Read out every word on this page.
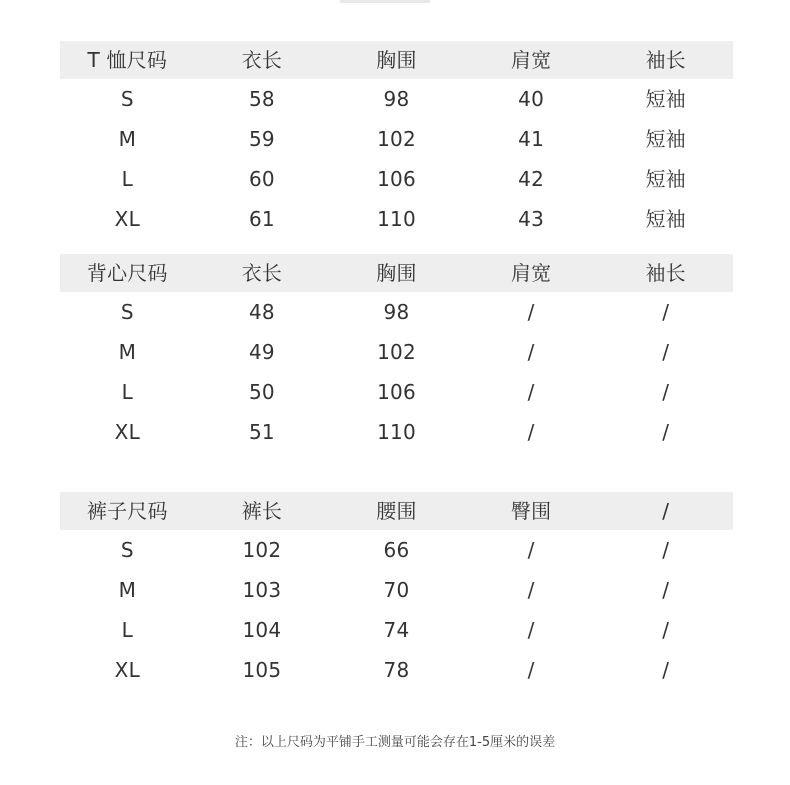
T 恤尺码	衣长	胸围	肩宽	袖长
S	58	98	40	短袖
M	59	102	41	短袖
L	60	106	42	短袖
XL	61	110	43	短袖
背心尺码	衣长	胸围	肩宽	袖长
S	48	98	/	/
M	49	102	/	/
L	50	106	/	/
XL	51	110	/	/
裤子尺码	裤长	腰围	臀围	/
S	102	66	/	/
M	103	70	/	/
L	104	74	/	/
XL	105	78	/	/
注：以上尺码为平铺手工测量可能会存在1-5厘米的误差
